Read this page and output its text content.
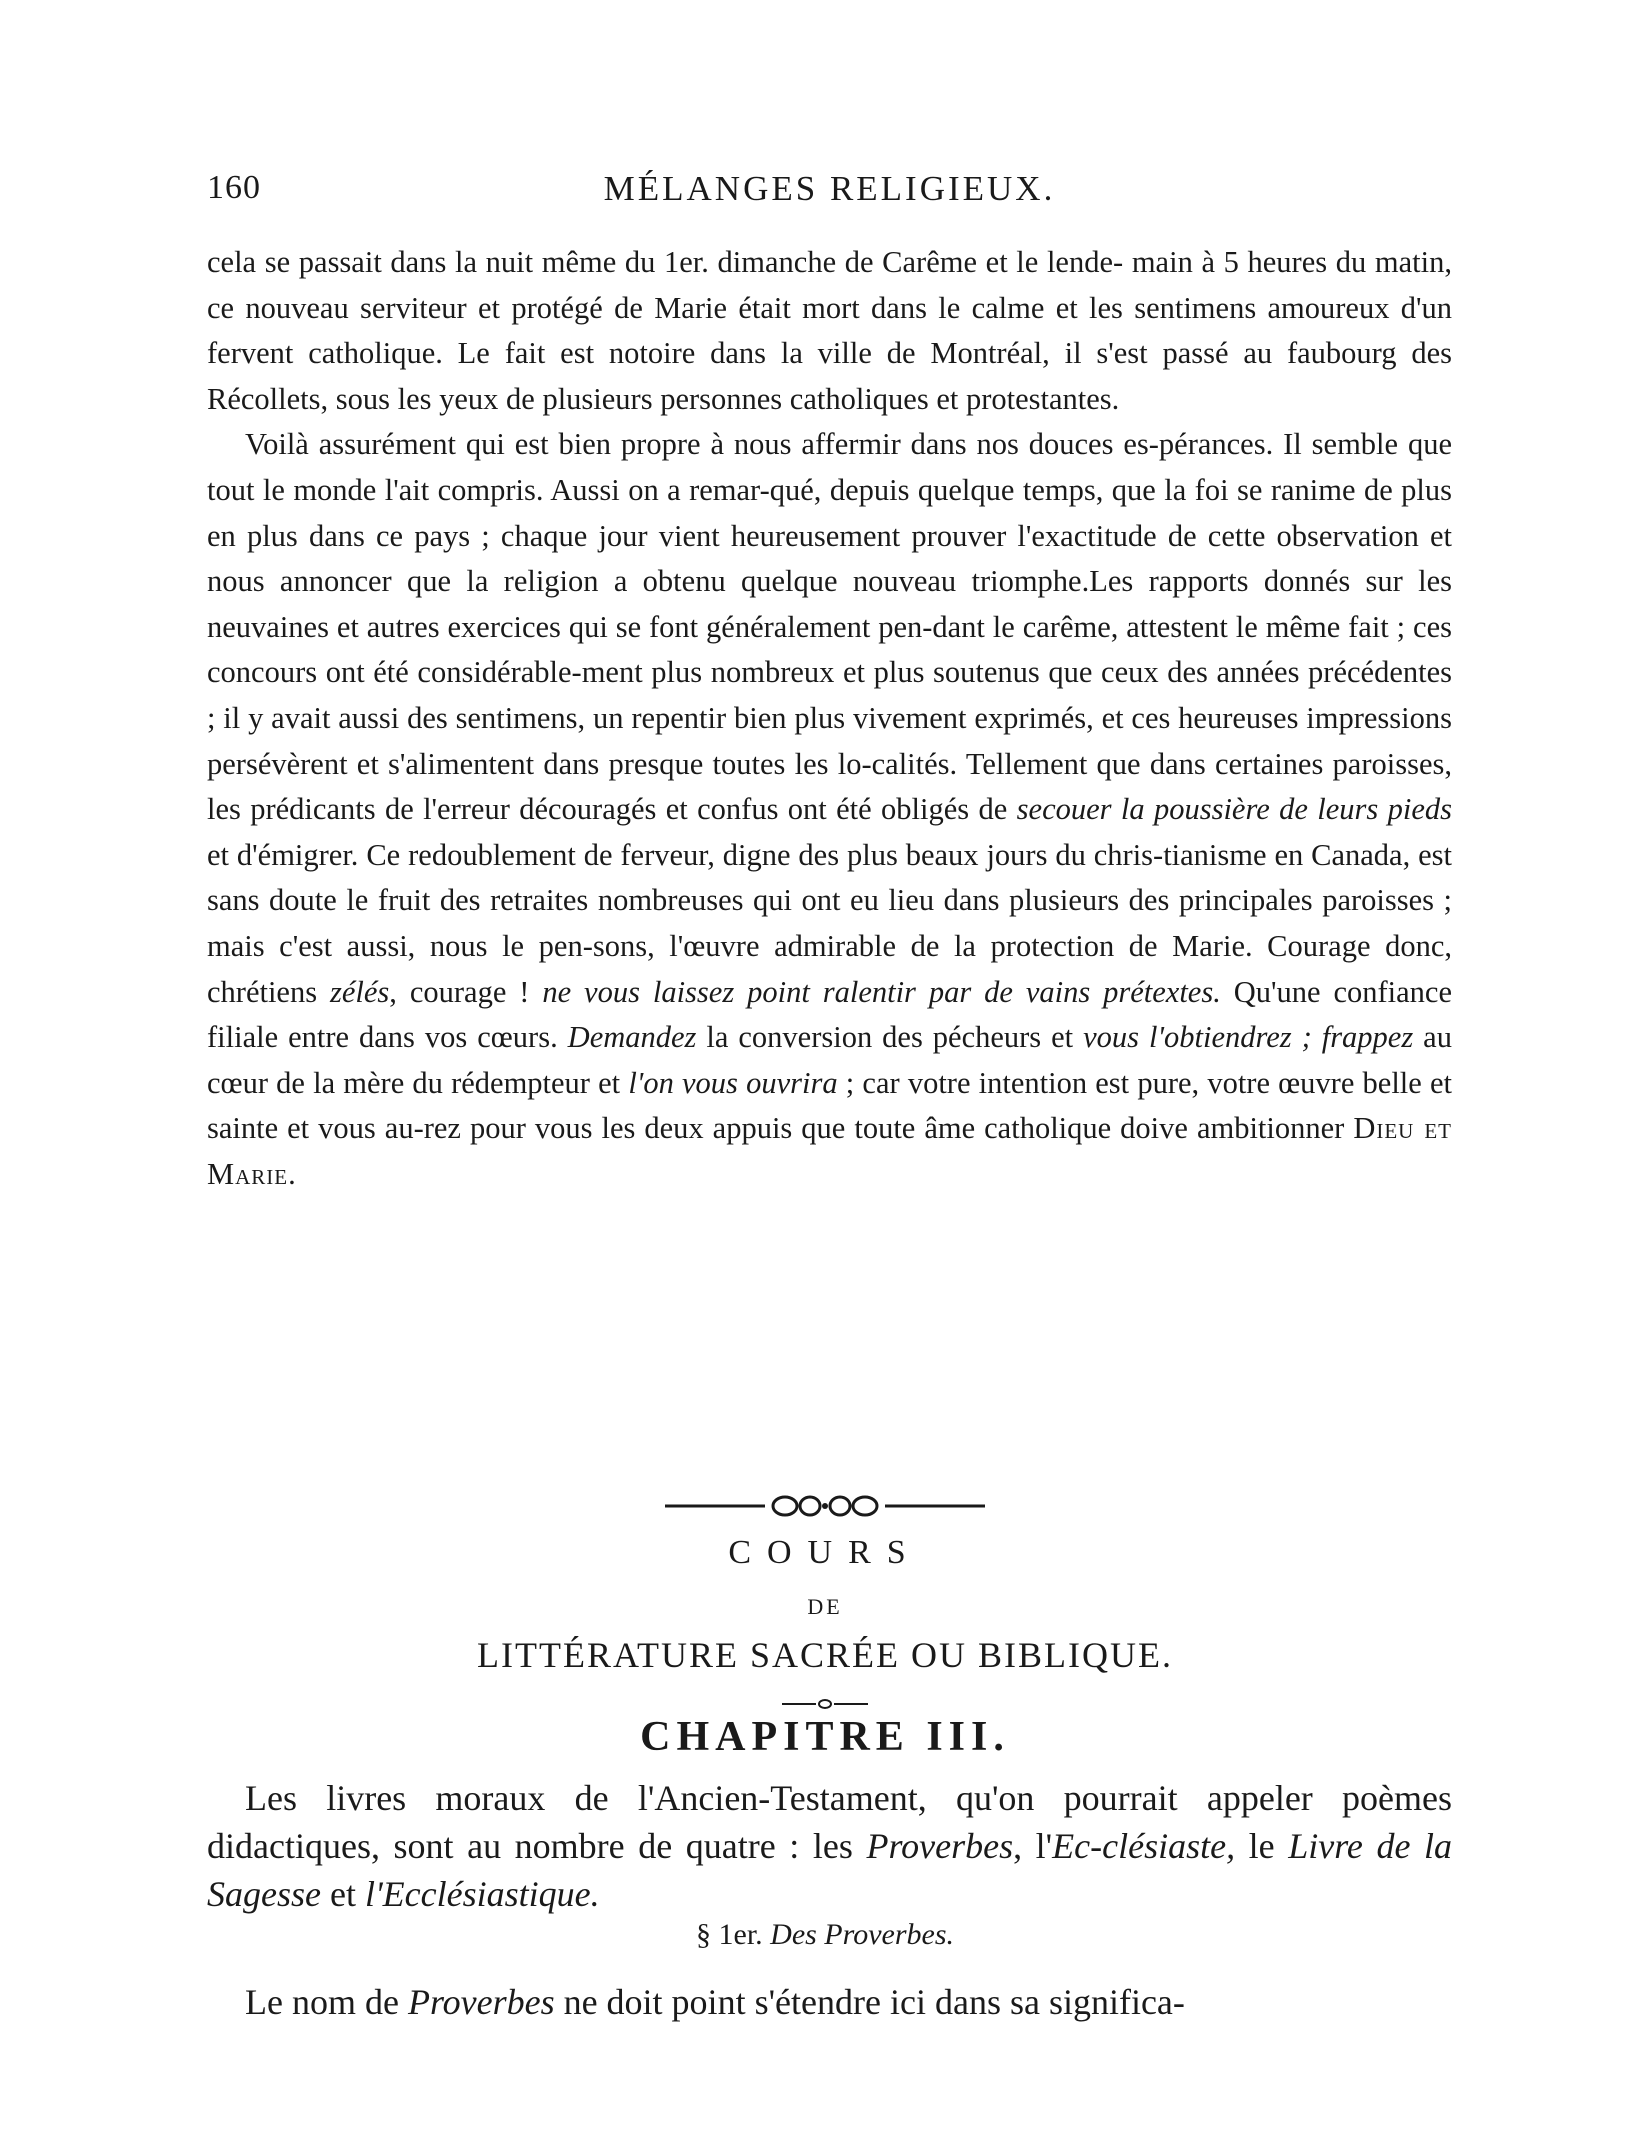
160	MÉLANGES RELIGIEUX.

cela se passait dans la nuit même du 1er. dimanche de Carême et le lende- main à 5 heures du matin, ce nouveau serviteur et protégé de Marie était mort dans le calme et les sentimens amoureux d'un fervent catholique. Le fait est notoire dans la ville de Montréal, il s'est passé au faubourg des Récollets, sous les yeux de plusieurs personnes catholiques et protestantes.

Voilà assurément qui est bien propre à nous affermir dans nos douces es-pérances. Il semble que tout le monde l'ait compris. Aussi on a remar-qué, depuis quelque temps, que la foi se ranime de plus en plus dans ce pays ; chaque jour vient heureusement prouver l'exactitude de cette observation et nous annoncer que la religion a obtenu quelque nouveau triomphe.Les rapports donnés sur les neuvaines et autres exercices qui se font généralement pen-dant le carême, attestent le même fait ; ces concours ont été considérable-ment plus nombreux et plus soutenus que ceux des années précédentes ; il y avait aussi des sentimens, un repentir bien plus vivement exprimés, et ces heureuses impressions persévèrent et s'alimentent dans presque toutes les lo-calités. Tellement que dans certaines paroisses, les prédicants de l'erreur découragés et confus ont été obligés de secouer la poussière de leurs pieds et d'émigrer. Ce redoublement de ferveur, digne des plus beaux jours du chris-tianisme en Canada, est sans doute le fruit des retraites nombreuses qui ont eu lieu dans plusieurs des principales paroisses ; mais c'est aussi, nous le pen-sons, l'œuvre admirable de la protection de Marie. Courage donc, chrétiens zélés, courage ! ne vous laissez point ralentir par de vains prétextes. Qu'une confiance filiale entre dans vos cœurs. Demandez la conversion des pécheurs et vous l'obtiendrez ; frappez au cœur de la mère du rédempteur et l'on vous ouvrira ; car votre intention est pure, votre œuvre belle et sainte et vous au-rez pour vous les deux appuis que toute âme catholique doive ambitionner Dieu et Marie.

COURS
DE
LITTÉRATURE SACRÉE OU BIBLIQUE.
CHAPITRE III.

Les livres moraux de l'Ancien-Testament, qu'on pourrait appeler poèmes didactiques, sont au nombre de quatre : les Proverbes, l'Ec-clésiaste, le Livre de la Sagesse et l'Ecclésiastique.

§ 1er. Des Proverbes.

Le nom de Proverbes ne doit point s'étendre ici dans sa significa-
